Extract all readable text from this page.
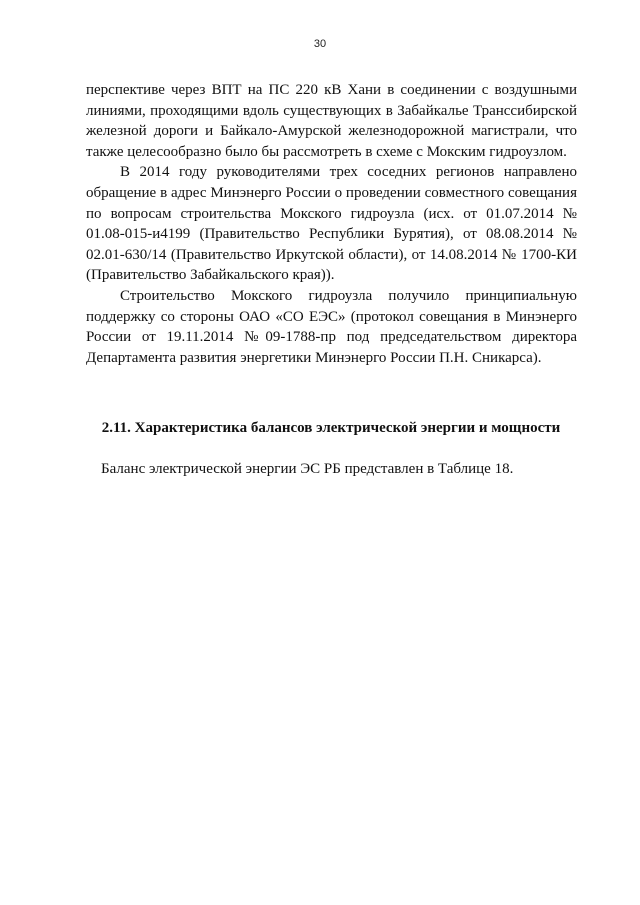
30

перспективе через ВПТ на ПС 220 кВ Хани в соединении с воздушными линиями, проходящими вдоль существующих в Забайкалье Транссибирской железной дороги и Байкало-Амурской железнодорожной магистрали, что также целесообразно было бы рассмотреть в схеме с Мокским гидроузлом.

В 2014 году руководителями трех соседних регионов направлено обращение в адрес Минэнерго России о проведении совместного совещания по вопросам строительства Мокского гидроузла (исх. от 01.07.2014 № 01.08-015-и4199 (Правительство Республики Бурятия), от 08.08.2014 № 02.01-630/14 (Правительство Иркутской области), от 14.08.2014 № 1700-КИ (Правительство Забайкальского края)).

Строительство Мокского гидроузла получило принципиальную поддержку со стороны ОАО «СО ЕЭС» (протокол совещания в Минэнерго России от 19.11.2014 №09-1788-пр под председательством директора Департамента развития энергетики Минэнерго России П.Н. Сникарса).

2.11. Характеристика балансов электрической энергии и мощности
Баланс электрической энергии ЭС РБ представлен в Таблице 18.
